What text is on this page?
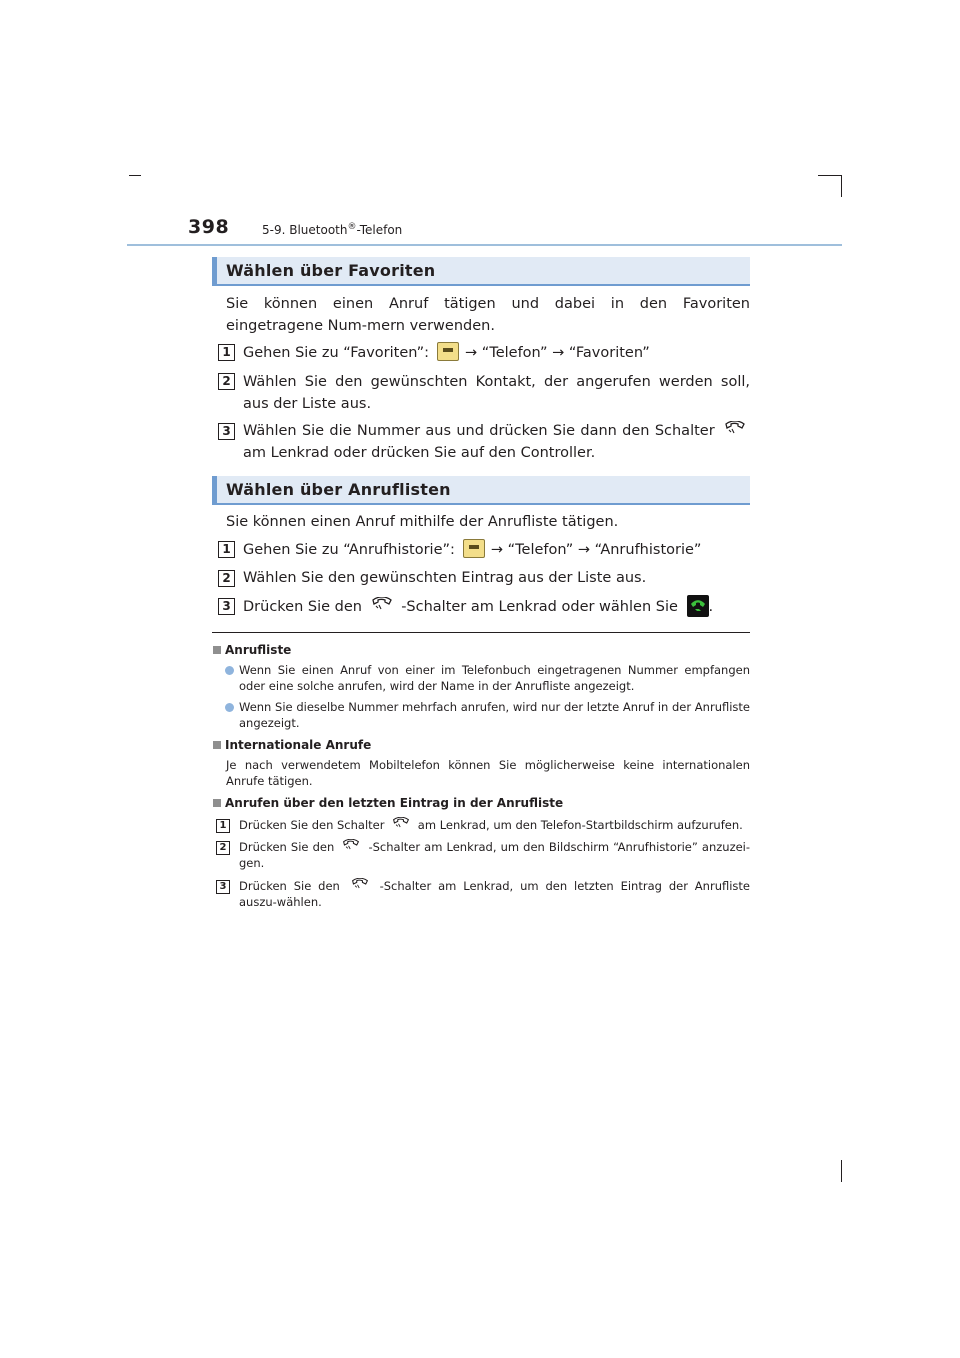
398	5-9. Bluetooth®-Telefon
Wählen über Favoriten
Sie können einen Anruf tätigen und dabei in den Favoriten eingetragene Num-mern verwenden.
1 Gehen Sie zu “Favoriten”: → “Telefon” → “Favoriten”
2 Wählen Sie den gewünschten Kontakt, der angerufen werden soll, aus der Liste aus.
3 Wählen Sie die Nummer aus und drücken Sie dann den Schalter  am Lenkrad oder drücken Sie auf den Controller.
Wählen über Anruflisten
Sie können einen Anruf mithilfe der Anrufliste tätigen.
1 Gehen Sie zu “Anrufhistorie”: → “Telefon” → “Anrufhistorie”
2 Wählen Sie den gewünschten Eintrag aus der Liste aus.
3 Drücken Sie den	-Schalter am Lenkrad oder wählen Sie .
Anrufliste
Wenn Sie einen Anruf von einer im Telefonbuch eingetragenen Nummer empfangen oder eine solche anrufen, wird der Name in der Anrufliste angezeigt.
Wenn Sie dieselbe Nummer mehrfach anrufen, wird nur der letzte Anruf in der Anrufliste angezeigt.
Internationale Anrufe
Je nach verwendetem Mobiltelefon können Sie möglicherweise keine internationalen Anrufe tätigen.
Anrufen über den letzten Eintrag in der Anrufliste
1	Drücken Sie den Schalter	am Lenkrad, um den Telefon-Startbildschirm aufzurufen.
2	Drücken Sie den	-Schalter am Lenkrad, um den Bildschirm “Anrufhistorie” anzuzei-gen.
3	Drücken Sie den	-Schalter am Lenkrad, um den letzten Eintrag der Anrufliste auszu-wählen.
